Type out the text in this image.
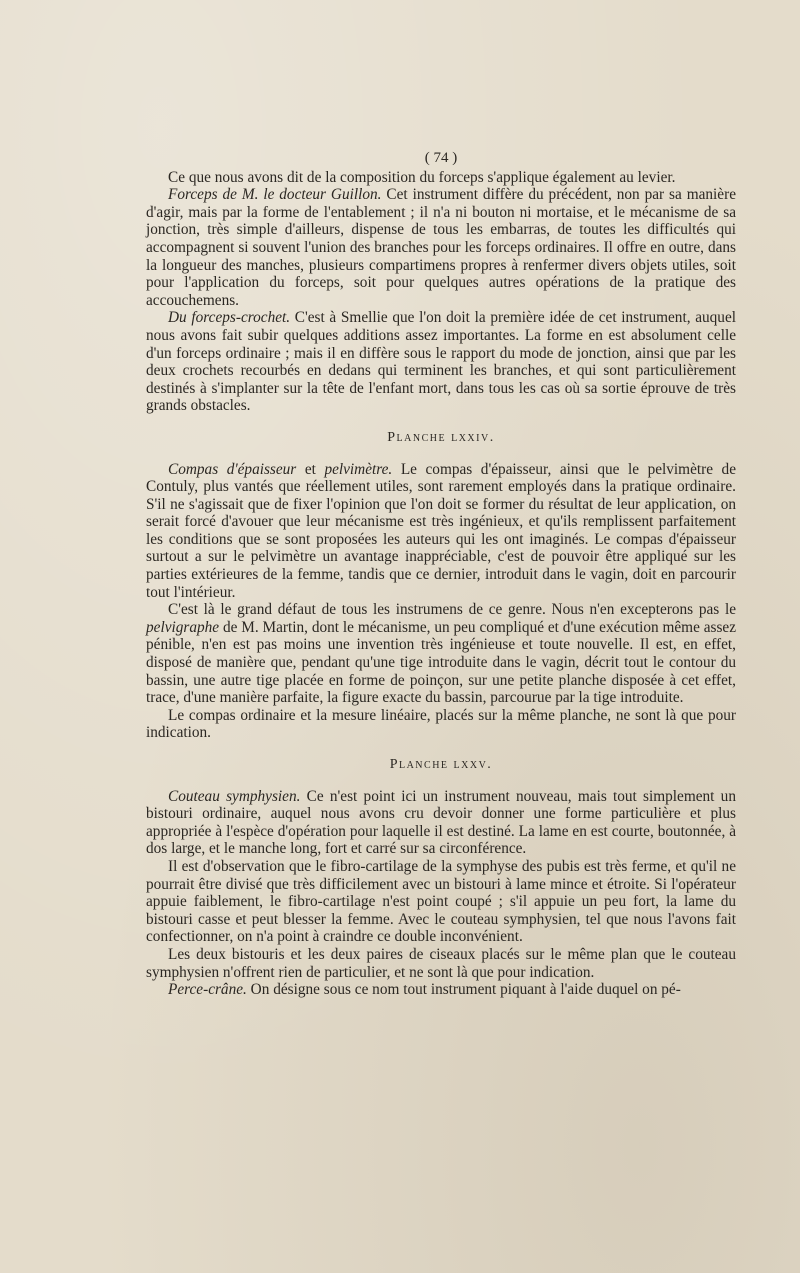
( 74 )

Ce que nous avons dit de la composition du forceps s'applique également au levier.

Forceps de M. le docteur Guillon. Cet instrument diffère du précédent, non par sa manière d'agir, mais par la forme de l'entablement ; il n'a ni bouton ni mortaise, et le mécanisme de sa jonction, très simple d'ailleurs, dispense de tous les embarras, de toutes les difficultés qui accompagnent si souvent l'union des branches pour les forceps ordinaires. Il offre en outre, dans la longueur des manches, plusieurs compartimens propres à renfermer divers objets utiles, soit pour l'application du forceps, soit pour quelques autres opérations de la pratique des accouchemens.

Du forceps-crochet. C'est à Smellie que l'on doit la première idée de cet instrument, auquel nous avons fait subir quelques additions assez importantes. La forme en est absolument celle d'un forceps ordinaire ; mais il en diffère sous le rapport du mode de jonction, ainsi que par les deux crochets recourbés en dedans qui terminent les branches, et qui sont particulièrement destinés à s'implanter sur la tête de l'enfant mort, dans tous les cas où sa sortie éprouve de très grands obstacles.

Planche lxxiv.

Compas d'épaisseur et pelvimètre. Le compas d'épaisseur, ainsi que le pelvimètre de Contuly, plus vantés que réellement utiles, sont rarement employés dans la pratique ordinaire. S'il ne s'agissait que de fixer l'opinion que l'on doit se former du résultat de leur application, on serait forcé d'avouer que leur mécanisme est très ingénieux, et qu'ils remplissent parfaitement les conditions que se sont proposées les auteurs qui les ont imaginés. Le compas d'épaisseur surtout a sur le pelvimètre un avantage inappréciable, c'est de pouvoir être appliqué sur les parties extérieures de la femme, tandis que ce dernier, introduit dans le vagin, doit en parcourir tout l'intérieur.

C'est là le grand défaut de tous les instrumens de ce genre. Nous n'en excepterons pas le pelvigraphe de M. Martin, dont le mécanisme, un peu compliqué et d'une exécution même assez pénible, n'en est pas moins une invention très ingénieuse et toute nouvelle. Il est, en effet, disposé de manière que, pendant qu'une tige introduite dans le vagin, décrit tout le contour du bassin, une autre tige placée en forme de poinçon, sur une petite planche disposée à cet effet, trace, d'une manière parfaite, la figure exacte du bassin, parcourue par la tige introduite.

Le compas ordinaire et la mesure linéaire, placés sur la même planche, ne sont là que pour indication.

Planche lxxv.

Couteau symphysien. Ce n'est point ici un instrument nouveau, mais tout simplement un bistouri ordinaire, auquel nous avons cru devoir donner une forme particulière et plus appropriée à l'espèce d'opération pour laquelle il est destiné. La lame en est courte, boutonnée, à dos large, et le manche long, fort et carré sur sa circonférence.

Il est d'observation que le fibro-cartilage de la symphyse des pubis est très ferme, et qu'il ne pourrait être divisé que très difficilement avec un bistouri à lame mince et étroite. Si l'opérateur appuie faiblement, le fibro-cartilage n'est point coupé ; s'il appuie un peu fort, la lame du bistouri casse et peut blesser la femme. Avec le couteau symphysien, tel que nous l'avons fait confectionner, on n'a point à craindre ce double inconvénient.

Les deux bistouris et les deux paires de ciseaux placés sur le même plan que le couteau symphysien n'offrent rien de particulier, et ne sont là que pour indication.

Perce-crâne. On désigne sous ce nom tout instrument piquant à l'aide duquel on pé-
